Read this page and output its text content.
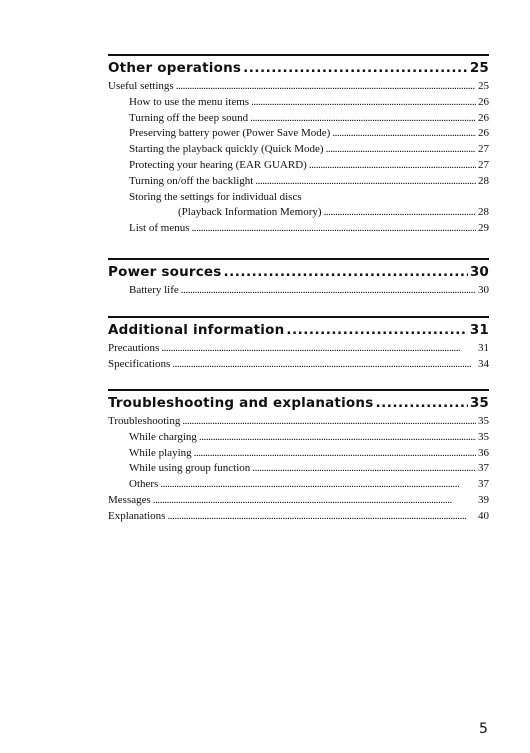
Other operations .....	25
Useful settings . . .	25
How to use the menu items . . .	26
Turning off the beep sound . . .	26
Preserving battery power (Power Save Mode) . . .	26
Starting the playback quickly (Quick Mode) . . .	27
Protecting your hearing (EAR GUARD) . . .	27
Turning on/off the backlight . . .	28
Storing the settings for individual discs
(Playback Information Memory) . . .	28
List of menus . . .	29
Power sources .....	30
Battery life . . .	30
Additional information .....	31
Precautions . . .	31
Specifications . . .	34
Troubleshooting and explanations .....	35
Troubleshooting . . .	35
While charging . . .	35
While playing . . .	36
While using group function . . .	37
Others . . .	37
Messages . . .	39
Explanations . . .	40
5
